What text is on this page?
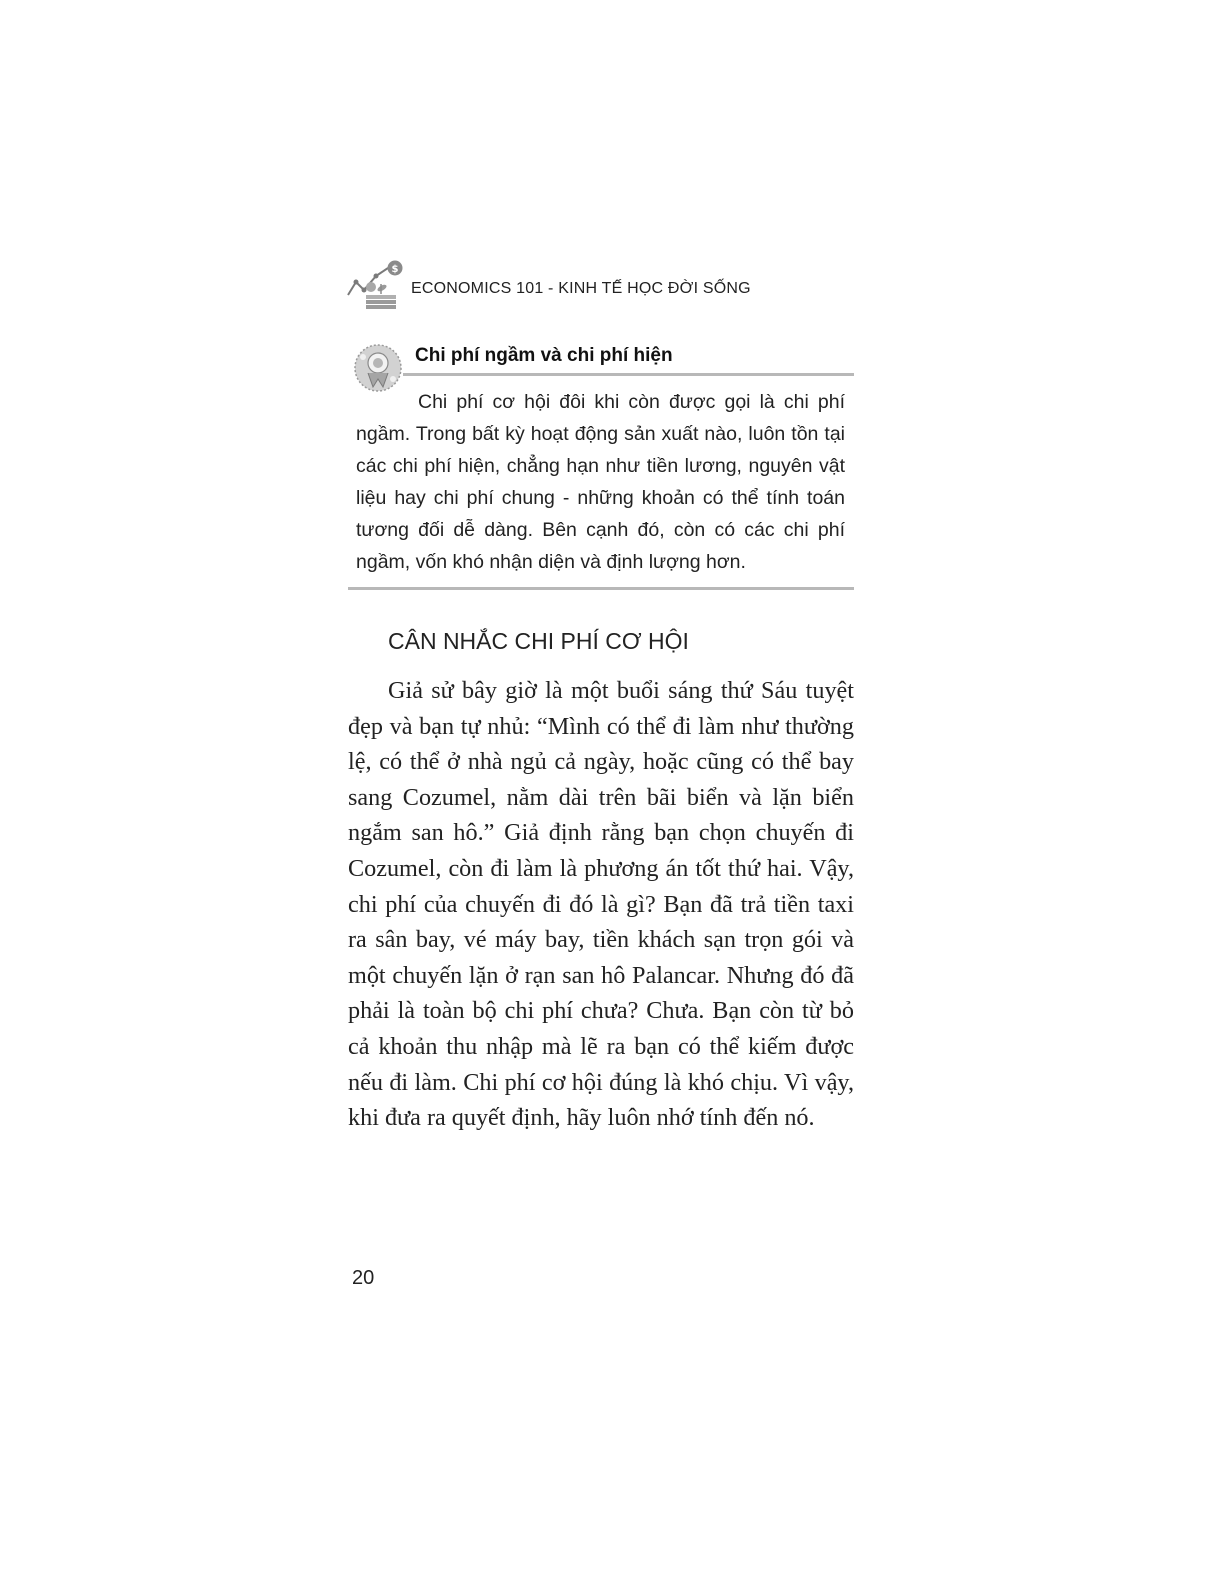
$
ECONOMICS 101 - KINH TẾ HỌC ĐỜI SỐNG
Chi phí ngầm và chi phí hiện

Chi phí cơ hội đôi khi còn được gọi là chi phí ngầm. Trong bất kỳ hoạt động sản xuất nào, luôn tồn tại các chi phí hiện, chẳng hạn như tiền lương, nguyên vật liệu hay chi phí chung - những khoản có thể tính toán tương đối dễ dàng. Bên cạnh đó, còn có các chi phí ngầm, vốn khó nhận diện và định lượng hơn.

CÂN NHẮC CHI PHÍ CƠ HỘI

Giả sử bây giờ là một buổi sáng thứ Sáu tuyệt đẹp và bạn tự nhủ: “Mình có thể đi làm như thường lệ, có thể ở nhà ngủ cả ngày, hoặc cũng có thể bay sang Cozumel, nằm dài trên bãi biển và lặn biển ngắm san hô.” Giả định rằng bạn chọn chuyến đi Cozumel, còn đi làm là phương án tốt thứ hai. Vậy, chi phí của chuyến đi đó là gì? Bạn đã trả tiền taxi ra sân bay, vé máy bay, tiền khách sạn trọn gói và một chuyến lặn ở rạn san hô Palancar. Nhưng đó đã phải là toàn bộ chi phí chưa? Chưa. Bạn còn từ bỏ cả khoản thu nhập mà lẽ ra bạn có thể kiếm được nếu đi làm. Chi phí cơ hội đúng là khó chịu. Vì vậy, khi đưa ra quyết định, hãy luôn nhớ tính đến nó.

20
